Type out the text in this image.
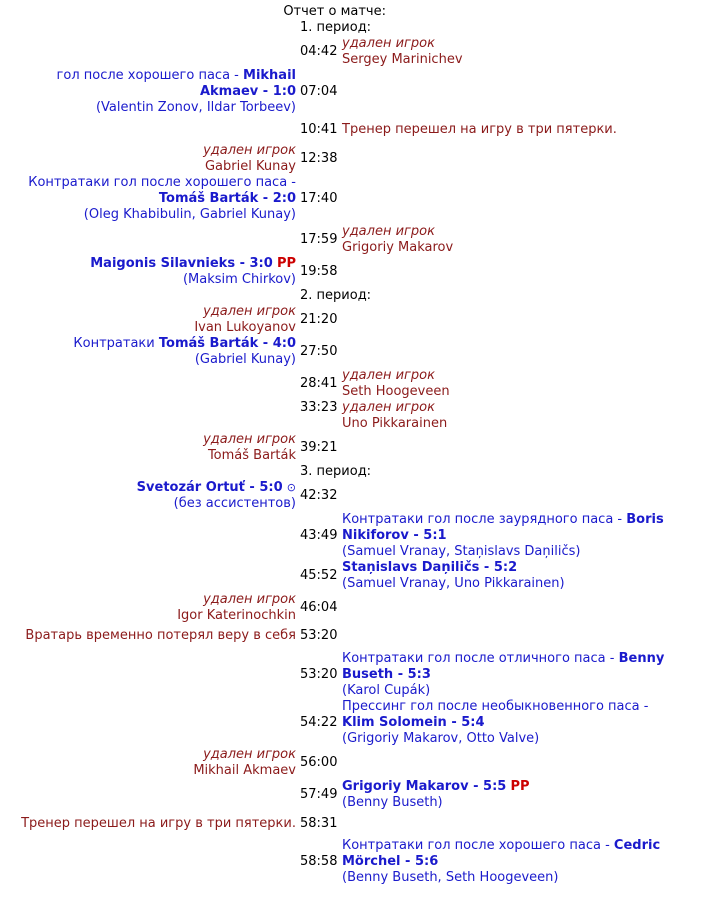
Отчет о матче:
1. период:
04:42
удален игрок
Sergey Marinichev
07:04
гол после хорошего паса - Mikhail
Akmaev - 1:0
(Valentin Zonov, Ildar Torbeev)
10:41 Тренер перешел на игру в три пятерки.
12:38
удален игрок
Gabriel Kunay
17:40
Контратаки гол после хорошего паса -
Tomáš Barták - 2:0
(Oleg Khabibulin, Gabriel Kunay)
17:59
удален игрок
Grigoriy Makarov
19:58
Maigonis Silavnieks - 3:0 PP
(Maksim Chirkov)
2. период:
21:20
удален игрок
Ivan Lukoyanov
27:50
Контратаки Tomáš Barták - 4:0
(Gabriel Kunay)
28:41
удален игрок
Seth Hoogeveen
33:23 удален игрок
Uno Pikkarainen
39:21
удален игрок
Tomáš Barták
3. период:
42:32
Svetozár Ortuť - 5:0 ⊙
(без ассистентов)
43:49
Контратаки гол после заурядного паса - Boris
Nikiforov - 5:1
(Samuel Vranay, Staņislavs Daņiličs)
45:52
Staņislavs Daņiličs - 5:2
(Samuel Vranay, Uno Pikkarainen)
46:04
удален игрок
Igor Katerinochkin
53:20
Вратарь временно потерял веру в себя
53:20
Контратаки гол после отличного паса - Benny
Buseth - 5:3
(Karol Cupák)
54:22
Прессинг гол после необыкновенного паса -
Klim Solomein - 5:4
(Grigoriy Makarov, Otto Valve)
56:00
удален игрок
Mikhail Akmaev
57:49
Grigoriy Makarov - 5:5 PP
(Benny Buseth)
58:31
Тренер перешел на игру в три пятерки.
58:58
Контратаки гол после хорошего паса - Cedric
Mörchel - 5:6
(Benny Buseth, Seth Hoogeveen)
